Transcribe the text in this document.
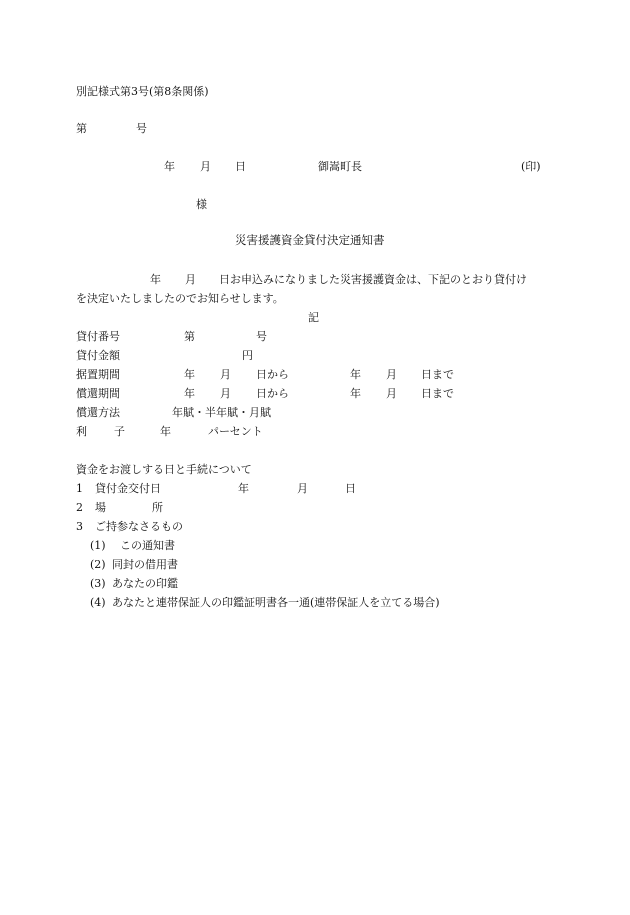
別記様式第3号(第8条関係)
第	号
年 月 日	御嵩町長	(印)
様
災害援護資金貸付決定通知書
年 月 日お申込みになりました災害援護資金は、下記のとおり貸付け
を決定いたしましたのでお知らせします。
記
貸付番号	第	号
貸付金額	円
据置期間	年 月 日から	年 月 日まで
償還期間	年 月 日から	年 月 日まで
償還方法	年賦・半年賦・月賦
利 子	年	パーセント
資金をお渡しする日と手続について
1 貸付金交付日	年	月	日
2 場	所
3 ご持参なさるもの
(1) この通知書
(2) 同封の借用書
(3) あなたの印鑑
(4) あなたと連帯保証人の印鑑証明書各一通(連帯保証人を立てる場合)
